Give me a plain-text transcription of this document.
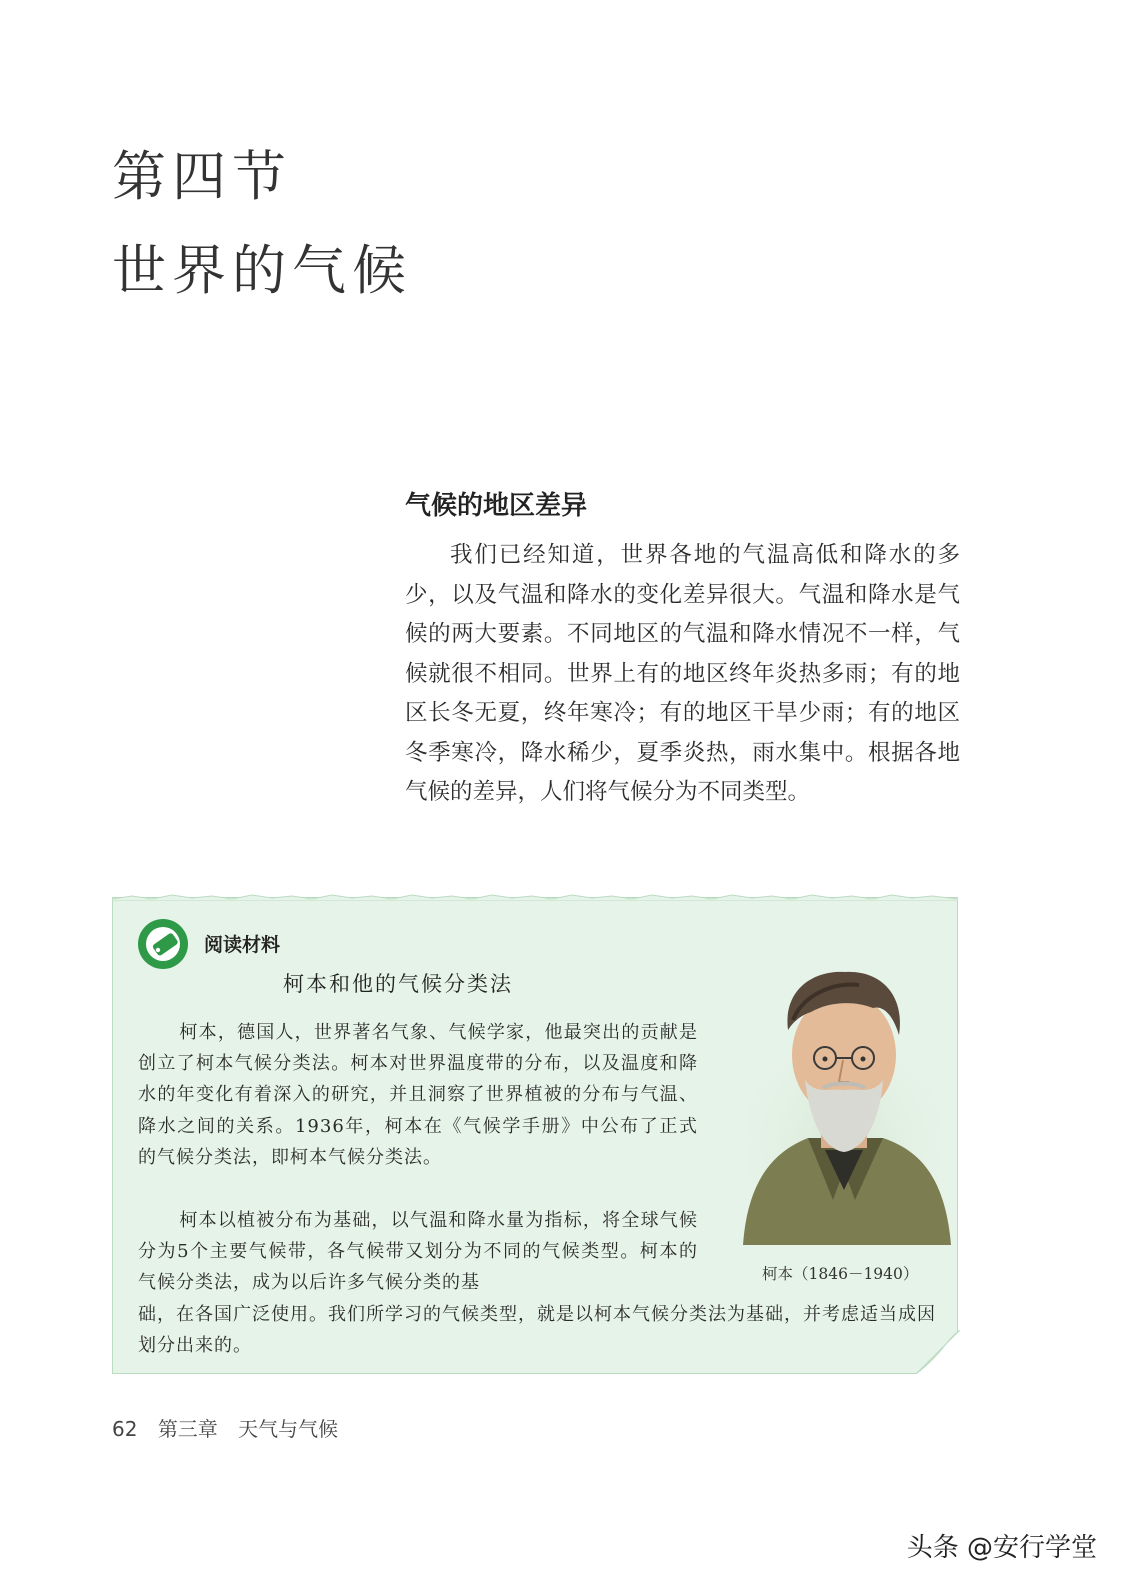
第四节
世界的气候
气候的地区差异

我们已经知道，世界各地的气温高低和降水的多少，以及气温和降水的变化差异很大。气温和降水是气候的两大要素。不同地区的气温和降水情况不一样，气候就很不相同。世界上有的地区终年炎热多雨；有的地区长冬无夏，终年寒冷；有的地区干旱少雨；有的地区冬季寒冷，降水稀少，夏季炎热，雨水集中。根据各地气候的差异，人们将气候分为不同类型。

阅读材料
柯本和他的气候分类法

柯本，德国人，世界著名气象、气候学家，他最突出的贡献是创立了柯本气候分类法。柯本对世界温度带的分布，以及温度和降水的年变化有着深入的研究，并且洞察了世界植被的分布与气温、降水之间的关系。1936年，柯本在《气候学手册》中公布了正式的气候分类法，即柯本气候分类法。

柯本以植被分布为基础，以气温和降水量为指标，将全球气候分为5个主要气候带，各气候带又划分为不同的气候类型。柯本的气候分类法，成为以后许多气候分类的基

础，在各国广泛使用。我们所学习的气候类型，就是以柯本气候分类法为基础，并考虑适当成因划分出来的。
柯本（1846－1940）
62 第三章 天气与气候
头条 @安行学堂
